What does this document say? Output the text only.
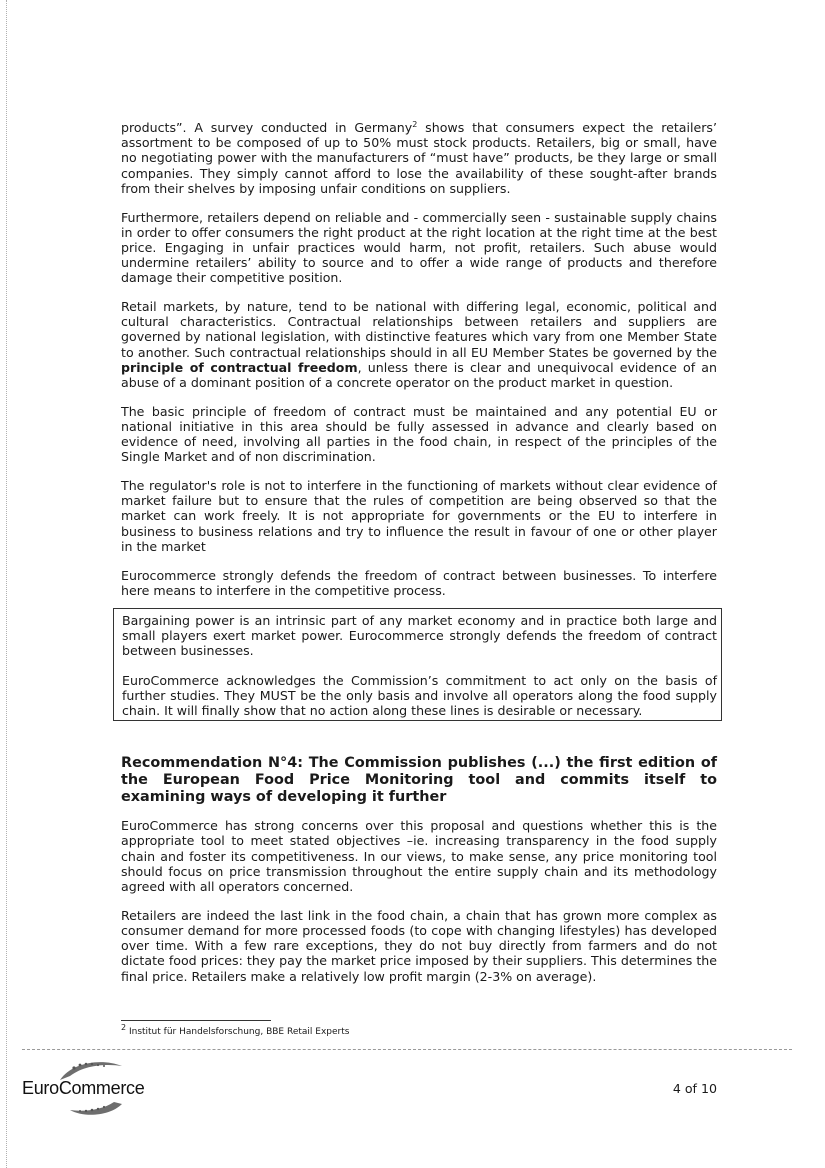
products”. A survey conducted in Germany$^2$ shows that consumers expect the retailers’ assortment to be composed of up to 50% must stock products. Retailers, big or small, have no negotiating power with the manufacturers of “must have” products, be they large or small companies. They simply cannot afford to lose the availability of these sought-after brands from their shelves by imposing unfair conditions on suppliers.

Furthermore, retailers depend on reliable and - commercially seen - sustainable supply chains in order to offer consumers the right product at the right location at the right time at the best price. Engaging in unfair practices would harm, not profit, retailers. Such abuse would undermine retailers’ ability to source and to offer a wide range of products and therefore damage their competitive position.

Retail markets, by nature, tend to be national with differing legal, economic, political and cultural characteristics. Contractual relationships between retailers and suppliers are governed by national legislation, with distinctive features which vary from one Member State to another. Such contractual relationships should in all EU Member States be governed by the principle of contractual freedom, unless there is clear and unequivocal evidence of an abuse of a dominant position of a concrete operator on the product market in question.

The basic principle of freedom of contract must be maintained and any potential EU or national initiative in this area should be fully assessed in advance and clearly based on evidence of need, involving all parties in the food chain, in respect of the principles of the Single Market and of non discrimination.

The regulator's role is not to interfere in the functioning of markets without clear evidence of market failure but to ensure that the rules of competition are being observed so that the market can work freely. It is not appropriate for governments or the EU to interfere in business to business relations and try to influence the result in favour of one or other player in the market

Eurocommerce strongly defends the freedom of contract between businesses. To interfere here means to interfere in the competitive process.

Bargaining power is an intrinsic part of any market economy and in practice both large and small players exert market power. Eurocommerce strongly defends the freedom of contract between businesses.

EuroCommerce acknowledges the Commission’s commitment to act only on the basis of further studies. They MUST be the only basis and involve all operators along the food supply chain. It will finally show that no action along these lines is desirable or necessary.

Recommendation N°4: The Commission publishes (...) the first edition of the European Food Price Monitoring tool and commits itself to examining ways of developing it further

EuroCommerce has strong concerns over this proposal and questions whether this is the appropriate tool to meet stated objectives –ie. increasing transparency in the food supply chain and foster its competitiveness. In our views, to make sense, any price monitoring tool should focus on price transmission throughout the entire supply chain and its methodology agreed with all operators concerned.

Retailers are indeed the last link in the food chain, a chain that has grown more complex as consumer demand for more processed foods (to cope with changing lifestyles) has developed over time. With a few rare exceptions, they do not buy directly from farmers and do not dictate food prices: they pay the market price imposed by their suppliers. This determines the final price. Retailers make a relatively low profit margin (2-3% on average).

$^2$ Institut für Handelsforschung, BBE Retail Experts
EuroCommerce	4 of 10
